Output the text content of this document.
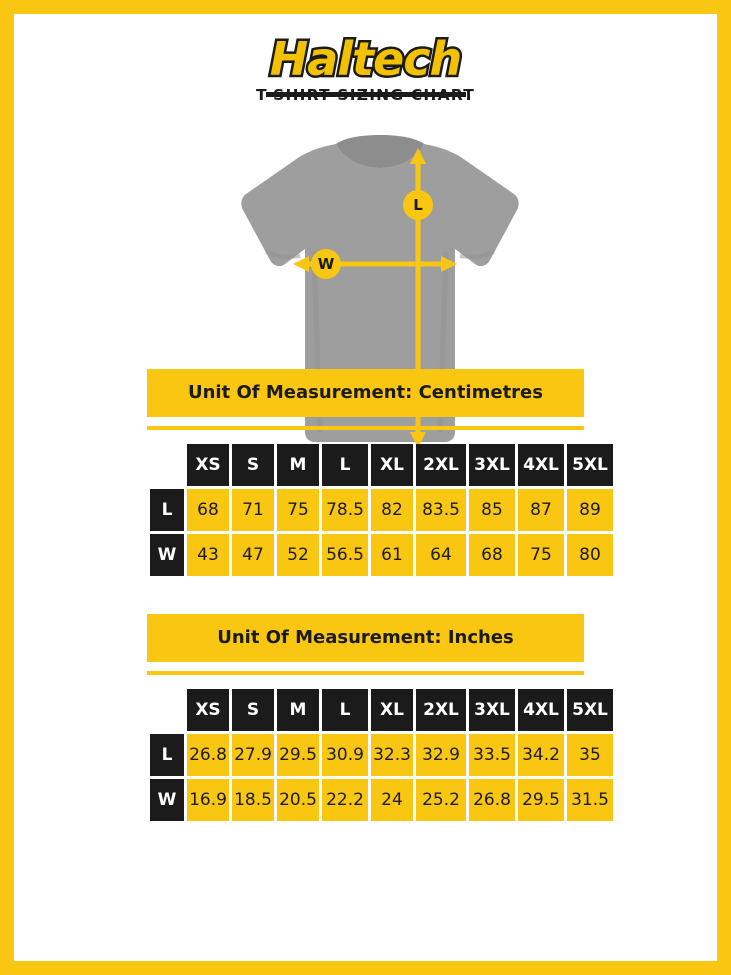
Haltech
T-SHIRT SIZING CHART
L
W
Unit Of Measurement: Centimetres
	XS	S	M	L	XL	2XL	3XL	4XL	5XL
L	68	71	75	78.5	82	83.5	85	87	89
W	43	47	52	56.5	61	64	68	75	80
Unit Of Measurement: Inches
	XS	S	M	L	XL	2XL	3XL	4XL	5XL
L	26.8	27.9	29.5	30.9	32.3	32.9	33.5	34.2	35
W	16.9	18.5	20.5	22.2	24	25.2	26.8	29.5	31.5
